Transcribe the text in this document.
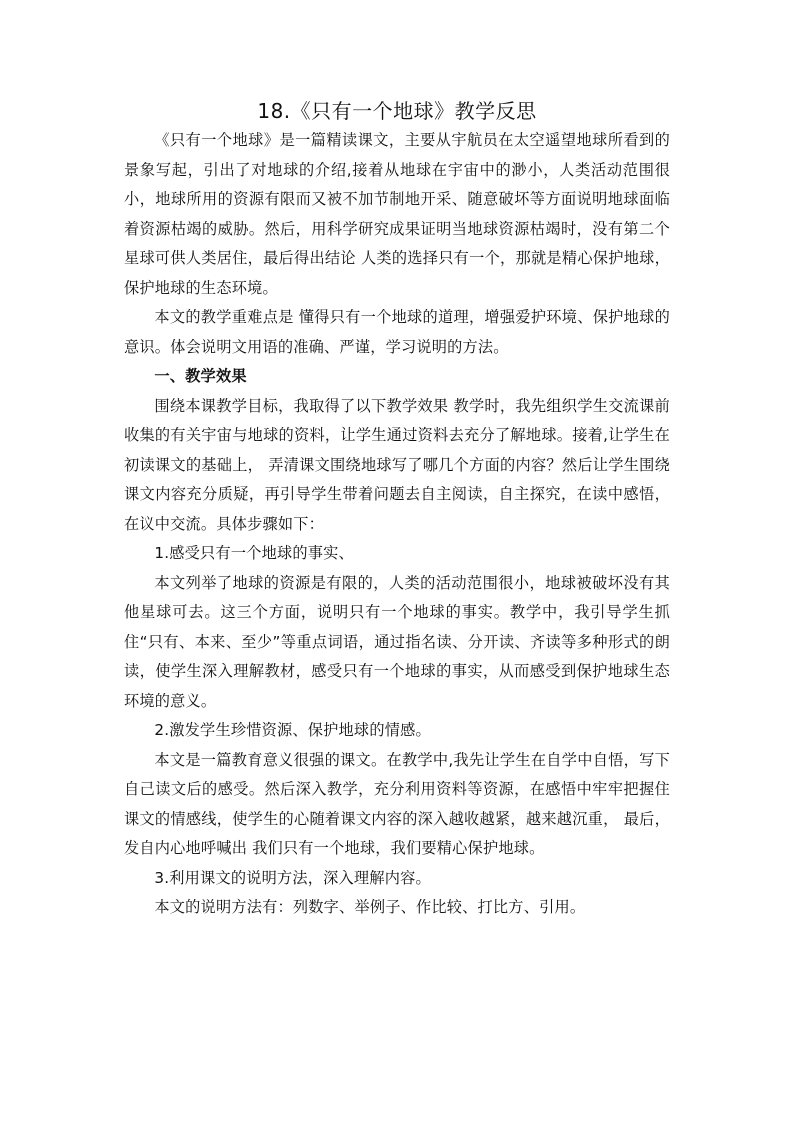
18.《只有一个地球》教学反思

《只有一个地球》是一篇精读课文，主要从宇航员在太空遥望地球所看到的景象写起，引出了对地球的介绍,接着从地球在宇宙中的渺小，人类活动范围很小，地球所用的资源有限而又被不加节制地开采、随意破坏等方面说明地球面临着资源枯竭的威胁。然后，用科学研究成果证明当地球资源枯竭时，没有第二个星球可供人类居住，最后得出结论 人类的选择只有一个，那就是精心保护地球，保护地球的生态环境。

本文的教学重难点是 懂得只有一个地球的道理，增强爱护环境、保护地球的意识。体会说明文用语的准确、严谨，学习说明的方法。

一、教学效果

围绕本课教学目标，我取得了以下教学效果 教学时，我先组织学生交流课前收集的有关宇宙与地球的资料，让学生通过资料去充分了解地球。接着,让学生在初读课文的基础上， 弄清课文围绕地球写了哪几个方面的内容？然后让学生围绕课文内容充分质疑，再引导学生带着问题去自主阅读，自主探究，在读中感悟，在议中交流。具体步骤如下：

1.感受只有一个地球的事实、

本文列举了地球的资源是有限的，人类的活动范围很小，地球被破坏没有其他星球可去。这三个方面，说明只有一个地球的事实。教学中，我引导学生抓住“只有、本来、至少”等重点词语，通过指名读、分开读、齐读等多种形式的朗读，使学生深入理解教材，感受只有一个地球的事实，从而感受到保护地球生态环境的意义。

2.激发学生珍惜资源、保护地球的情感。

本文是一篇教育意义很强的课文。在教学中,我先让学生在自学中自悟，写下自己读文后的感受。然后深入教学，充分利用资料等资源，在感悟中牢牢把握住课文的情感线，使学生的心随着课文内容的深入越收越紧，越来越沉重， 最后，发自内心地呼喊出 我们只有一个地球，我们要精心保护地球。

3.利用课文的说明方法，深入理解内容。

本文的说明方法有：列数字、举例子、作比较、打比方、引用。
